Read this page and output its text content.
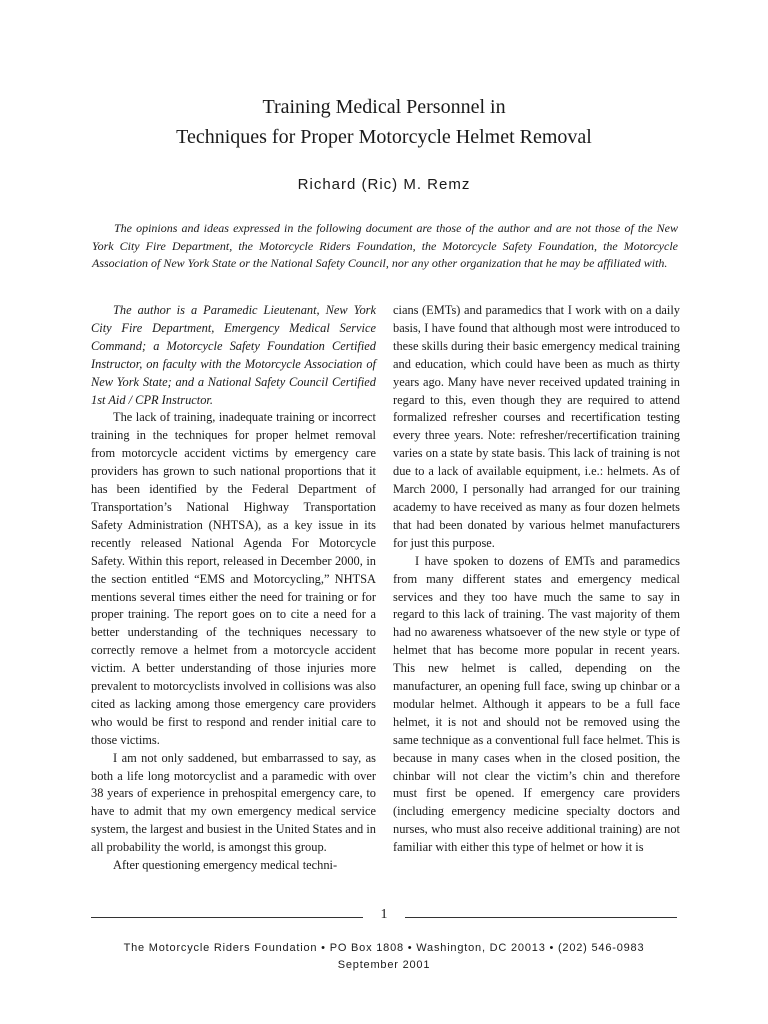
Training Medical Personnel in
Techniques for Proper Motorcycle Helmet Removal
Richard (Ric) M. Remz

The opinions and ideas expressed in the following document are those of the author and are not those of the New York City Fire Department, the Motorcycle Riders Foundation, the Motorcycle Safety Foundation, the Motorcycle Association of New York State or the National Safety Council, nor any other organization that he may be affiliated with.

The author is a Paramedic Lieutenant, New York City Fire Department, Emergency Medical Service Command; a Motorcycle Safety Foundation Certified Instructor, on faculty with the Motorcycle Association of New York State; and a National Safety Council Certified 1st Aid / CPR Instructor.

The lack of training, inadequate training or incorrect training in the techniques for proper helmet removal from motorcycle accident victims by emergency care providers has grown to such national proportions that it has been identified by the Federal Department of Transportation’s National Highway Transportation Safety Administration (NHTSA), as a key issue in its recently released National Agenda For Motorcycle Safety. Within this report, released in December 2000, in the section entitled “EMS and Motorcycling,” NHTSA mentions several times either the need for training or for proper training. The report goes on to cite a need for a better understanding of the techniques necessary to correctly remove a helmet from a motorcycle accident victim. A better understanding of those injuries more prevalent to motorcyclists involved in collisions was also cited as lacking among those emergency care providers who would be first to respond and render initial care to those victims.

I am not only saddened, but embarrassed to say, as both a life long motorcyclist and a paramedic with over 38 years of experience in prehospital emergency care, to have to admit that my own emergency medical service system, the largest and busiest in the United States and in all probability the world, is amongst this group.

After questioning emergency medical techni-

cians (EMTs) and paramedics that I work with on a daily basis, I have found that although most were introduced to these skills during their basic emergency medical training and education, which could have been as much as thirty years ago. Many have never received updated training in regard to this, even though they are required to attend formalized refresher courses and recertification testing every three years. Note: refresher/recertification training varies on a state by state basis. This lack of training is not due to a lack of available equipment, i.e.: helmets. As of March 2000, I personally had arranged for our training academy to have received as many as four dozen helmets that had been donated by various helmet manufacturers for just this purpose.

I have spoken to dozens of EMTs and paramedics from many different states and emergency medical services and they too have much the same to say in regard to this lack of training. The vast majority of them had no awareness whatsoever of the new style or type of helmet that has become more popular in recent years. This new helmet is called, depending on the manufacturer, an opening full face, swing up chinbar or a modular helmet. Although it appears to be a full face helmet, it is not and should not be removed using the same technique as a conventional full face helmet. This is because in many cases when in the closed position, the chinbar will not clear the victim’s chin and therefore must first be opened. If emergency care providers (including emergency medicine specialty doctors and nurses, who must also receive additional training) are not familiar with either this type of helmet or how it is

1
The Motorcycle Riders Foundation • PO Box 1808 • Washington, DC 20013 • (202) 546-0983
September 2001
